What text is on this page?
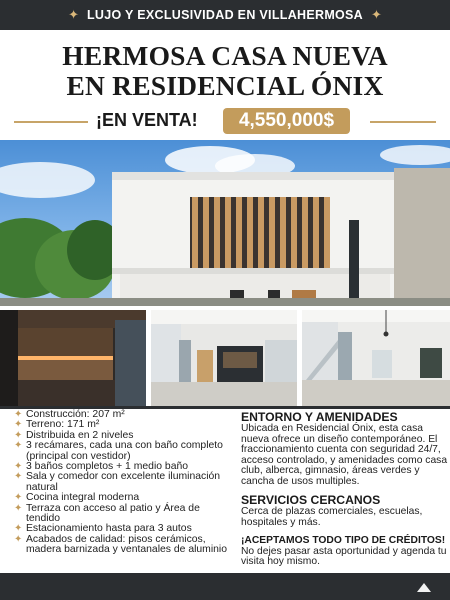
✦ LUJO Y EXCLUSIVIDAD EN VILLAHERMOSA ✦
HERMOSA CASA NUEVA
EN RESIDENCIAL ÓNIX
¡EN VENTA!	4,550,000$
✦ Construcción: 207 m²
✦ Terreno: 171 m²
✦ Distribuida en 2 niveles
✦ 3 recámares, cada una con baño completo (principal con vestidor)
✦ 3 baños completos + 1 medio baño
✦ Sala y comedor con excelente iluminación natural
✦ Cocina integral moderna
✦ Terraza con acceso al patio y Área de tendido
✦ Estacionamiento hasta para 3 autos
✦ Acabados de calidad: pisos cerámicos, madera barnizada y ventanales de aluminio
ENTORNO Y AMENIDADES
Ubicada en Residencial Ónix, esta casa nueva ofrece un diseño contemporáneo. El fraccionamiento cuenta con seguridad 24/7, acceso controlado, y amenidades como casa club, alberca, gimnasio, áreas verdes y cancha de usos multiples.
SERVICIOS CERCANOS
Cerca de plazas comerciales, escuelas, hospitales y más.
¡ACEPTAMOS TODO TIPO DE CRÉDITOS!
No dejes pasar asta oportunidad y agenda tu visita hoy mismo.
